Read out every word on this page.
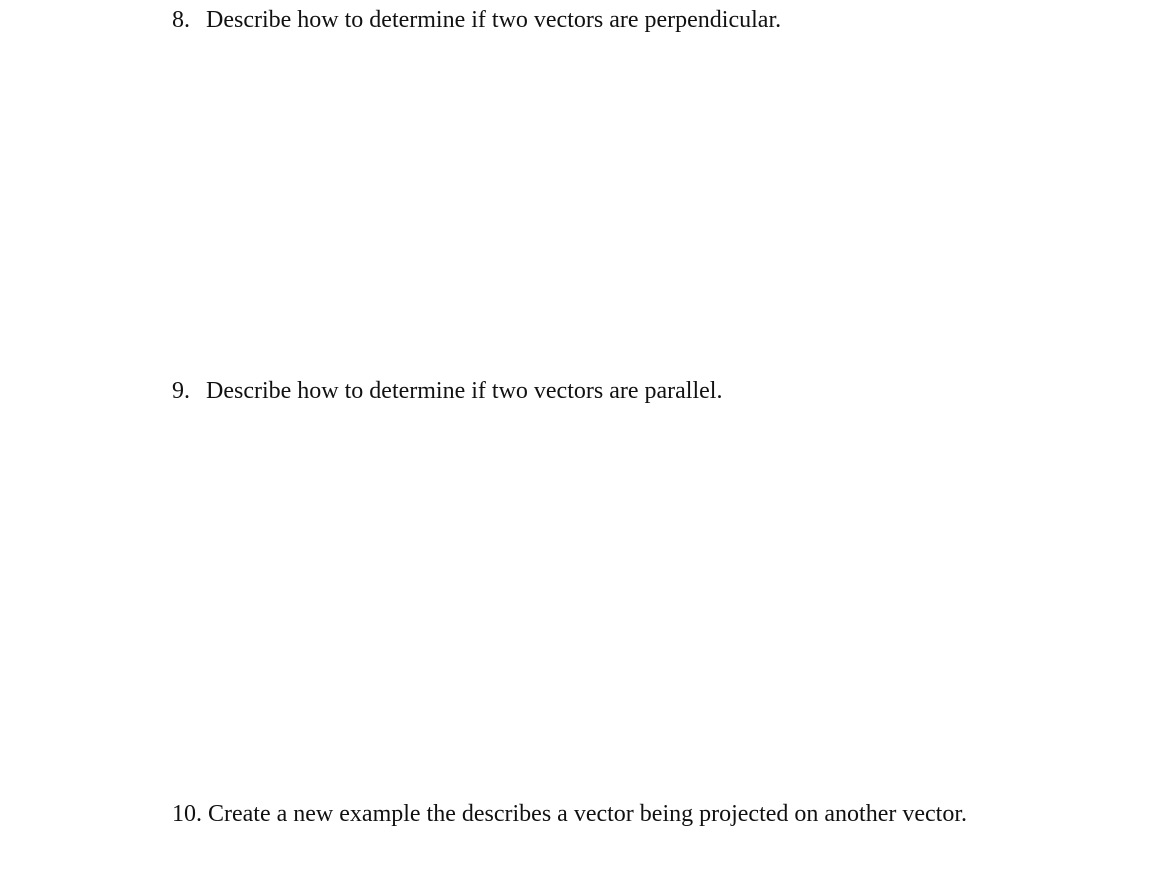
8. Describe how to determine if two vectors are perpendicular.
9. Describe how to determine if two vectors are parallel.
10. Create a new example the describes a vector being projected on another vector.
